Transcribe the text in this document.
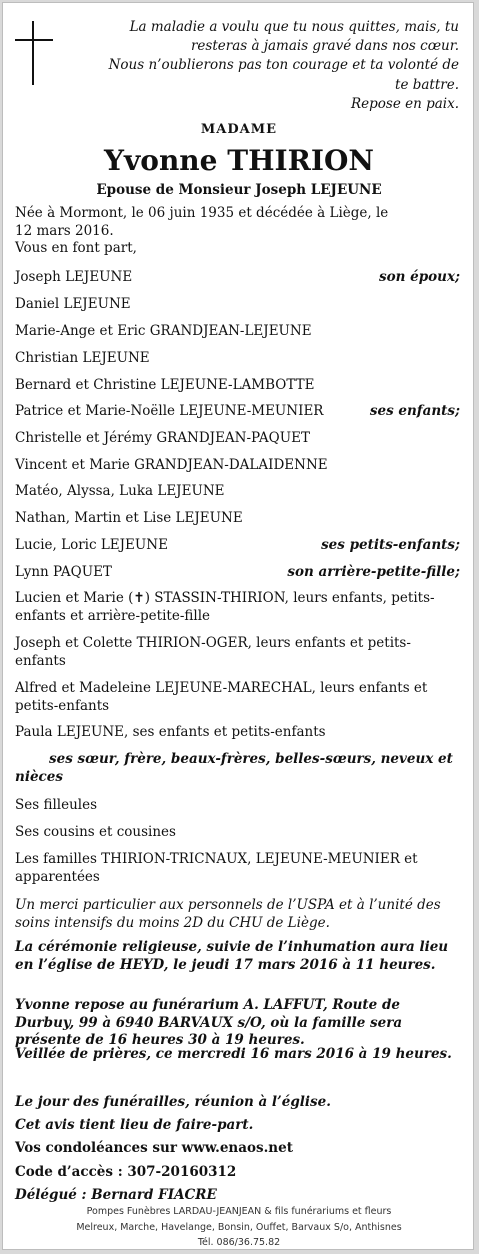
La maladie a voulu que tu nous quittes, mais, tu
resteras à jamais gravé dans nos cœur.
Nous n’oublierons pas ton courage et ta volonté de
te battre.
Repose en paix.
MADAME
Yvonne THIRION
Epouse de Monsieur Joseph LEJEUNE
Née à Mormont, le 06 juin 1935 et décédée à Liège, le
12 mars 2016.
Vous en font part,
Joseph LEJEUNE	son époux;
Daniel LEJEUNE
Marie-Ange et Eric GRANDJEAN-LEJEUNE
Christian LEJEUNE
Bernard et Christine LEJEUNE-LAMBOTTE
Patrice et Marie-Noëlle LEJEUNE-MEUNIER	ses enfants;
Christelle et Jérémy GRANDJEAN-PAQUET
Vincent et Marie GRANDJEAN-DALAIDENNE
Matéo, Alyssa, Luka LEJEUNE
Nathan, Martin et Lise LEJEUNE
Lucie, Loric LEJEUNE	ses petits-enfants;
Lynn PAQUET	son arrière-petite-fille;
Lucien et Marie (✝) STASSIN-THIRION, leurs enfants, petits-enfants et arrière-petite-fille
Joseph et Colette THIRION-OGER, leurs enfants et petits-enfants
Alfred et Madeleine LEJEUNE-MARECHAL, leurs enfants et petits-enfants
Paula LEJEUNE, ses enfants et petits-enfants
ses sœur, frère, beaux-frères, belles-sœurs, neveux et nièces
Ses filleules
Ses cousins et cousines
Les familles THIRION-TRICNAUX, LEJEUNE-MEUNIER et apparentées
Un merci particulier aux personnels de l’USPA et à l’unité des soins intensifs du moins 2D du CHU de Liège.
La cérémonie religieuse, suivie de l’inhumation aura lieu en l’église de HEYD, le jeudi 17 mars 2016 à 11 heures.
Yvonne repose au funérarium A. LAFFUT, Route de Durbuy, 99 à 6940 BARVAUX s/O, où la famille sera présente de 16 heures 30 à 19 heures.
Veillée de prières, ce mercredi 16 mars 2016 à 19 heures.
Le jour des funérailles, réunion à l’église.
Cet avis tient lieu de faire-part.
Vos condoléances sur www.enaos.net
Code d’accès : 307-20160312
Délégué : Bernard FIACRE
Pompes Funèbres LARDAU-JEANJEAN & fils funérariums et fleurs
Melreux, Marche, Havelange, Bonsin, Ouffet, Barvaux S/o, Anthisnes
Tél. 086/36.75.82
